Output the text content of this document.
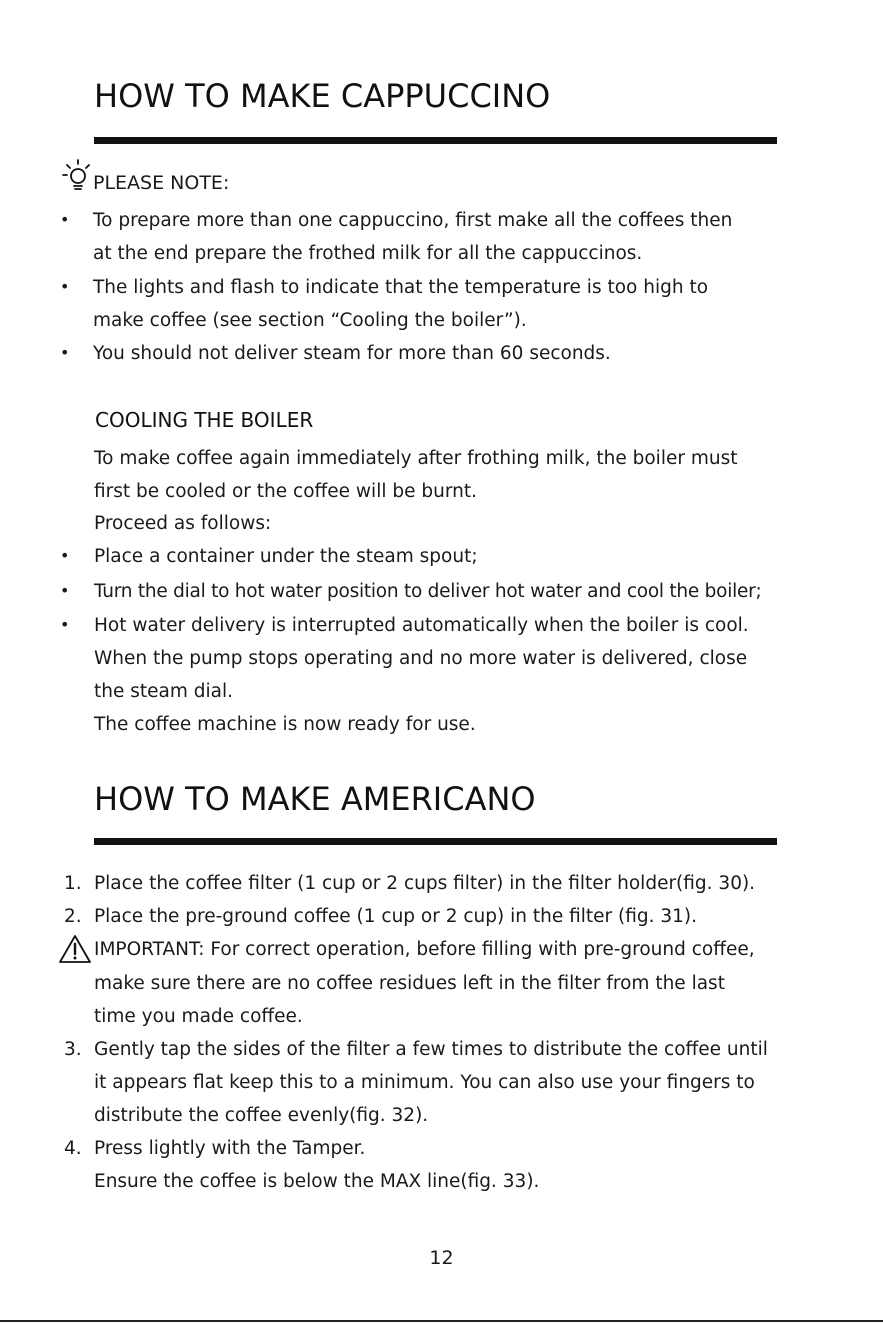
HOW TO MAKE CAPPUCCINO
PLEASE NOTE:
• To prepare more than one cappuccino, first make all the coffees then
at the end prepare the frothed milk for all the cappuccinos.
• The lights and flash to indicate that the temperature is too high to
make coffee (see section “Cooling the boiler”).
• You should not deliver steam for more than 60 seconds.
COOLING THE BOILER
To make coffee again immediately after frothing milk, the boiler must
first be cooled or the coffee will be burnt.
Proceed as follows:
• Place a container under the steam spout;
• Turn the dial to hot water position to deliver hot water and cool the boiler;
• Hot water delivery is interrupted automatically when the boiler is cool.
When the pump stops operating and no more water is delivered, close
the steam dial.
The coffee machine is now ready for use.
HOW TO MAKE AMERICANO
1. Place the coffee filter (1 cup or 2 cups filter) in the filter holder(fig. 30).
2. Place the pre-ground coffee (1 cup or 2 cup) in the filter (fig. 31).
IMPORTANT: For correct operation, before filling with pre-ground coffee,
make sure there are no coffee residues left in the filter from the last
time you made coffee.
3. Gently tap the sides of the filter a few times to distribute the coffee until
it appears flat keep this to a minimum. You can also use your fingers to
distribute the coffee evenly(fig. 32).
4. Press lightly with the Tamper.
Ensure the coffee is below the MAX line(fig. 33).
12
